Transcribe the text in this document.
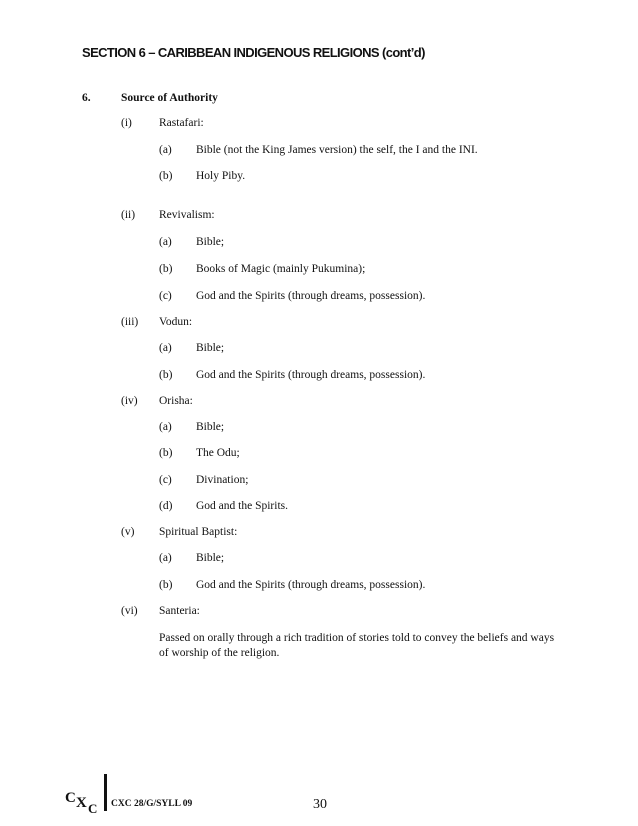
SECTION 6 – CARIBBEAN INDIGENOUS RELIGIONS (cont’d)
6.	Source of Authority
(i) Rastafari:
(a) Bible (not the King James version) the self, the I and the INI.
(b) Holy Piby.
(ii) Revivalism:
(a) Bible;
(b) Books of Magic (mainly Pukumina);
(c) God and the Spirits (through dreams, possession).
(iii) Vodun:
(a) Bible;
(b) God and the Spirits (through dreams, possession).
(iv) Orisha:
(a) Bible;
(b) The Odu;
(c) Divination;
(d) God and the Spirits.
(v) Spiritual Baptist:
(a) Bible;
(b) God and the Spirits (through dreams, possession).
(vi) Santeria:
Passed on orally through a rich tradition of stories told to convey the beliefs and ways of worship of the religion.
C X C CXC 28/G/SYLL 09	30
